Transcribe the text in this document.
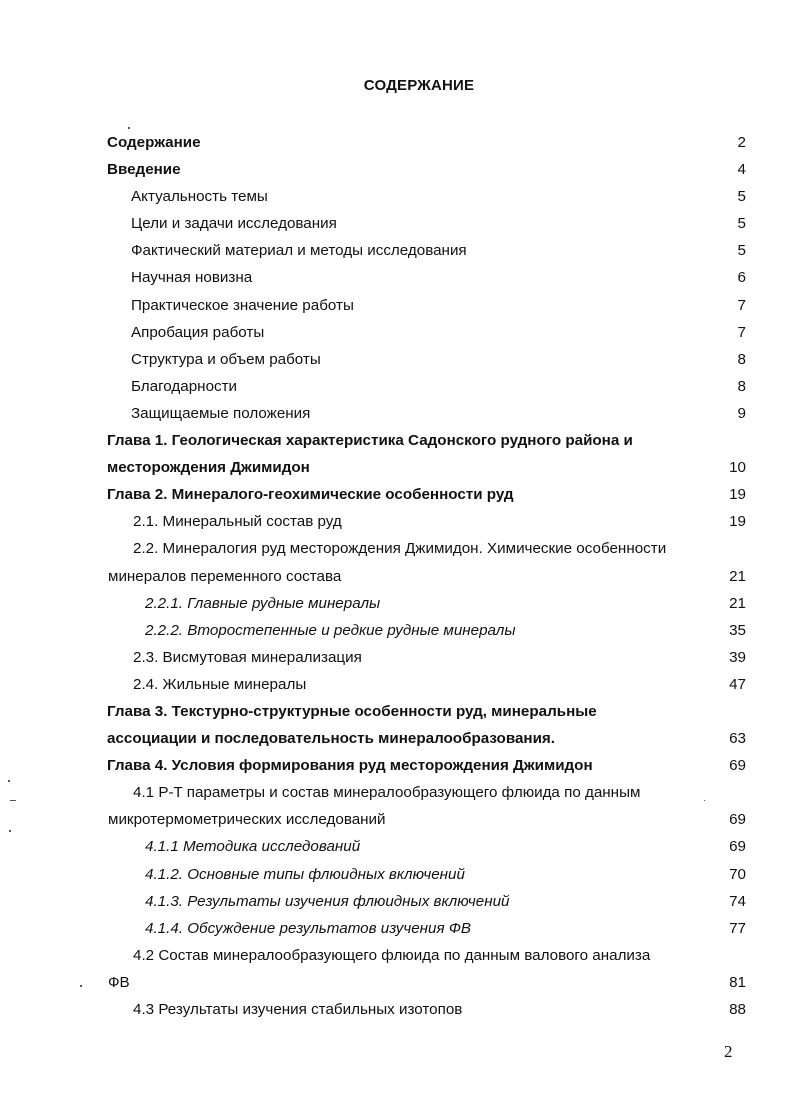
СОДЕРЖАНИЕ
Содержание	2
Введение	4
Актуальность темы	5
Цели и задачи исследования	5
Фактический материал и методы исследования	5
Научная новизна	6
Практическое значение работы	7
Апробация работы	7
Структура и объем работы	8
Благодарности	8
Защищаемые положения	9
Глава 1. Геологическая характеристика Садонского рудного района и
месторождения Джимидон	10
Глава 2. Минералого-геохимические особенности руд	19
2.1. Минеральный состав руд	19
2.2. Минералогия руд месторождения Джимидон. Химические особенности
минералов переменного состава	21
2.2.1. Главные рудные минералы	21
2.2.2. Второстепенные и редкие рудные минералы	35
2.3. Висмутовая минерализация	39
2.4. Жильные минералы	47
Глава 3. Текстурно-структурные особенности руд, минеральные
ассоциации и последовательность минералообразования.	63
Глава 4. Условия формирования руд месторождения Джимидон	69
4.1 P-T параметры и состав минералообразующего флюида по данным
микротермометрических исследований	69
4.1.1 Методика исследований	69
4.1.2. Основные типы флюидных включений	70
4.1.3. Результаты изучения флюидных включений	74
4.1.4. Обсуждение результатов изучения ФВ	77
4.2 Состав минералообразующего флюида по данным валового анализа
ФВ	81
4.3 Результаты изучения стабильных изотопов	88
2
